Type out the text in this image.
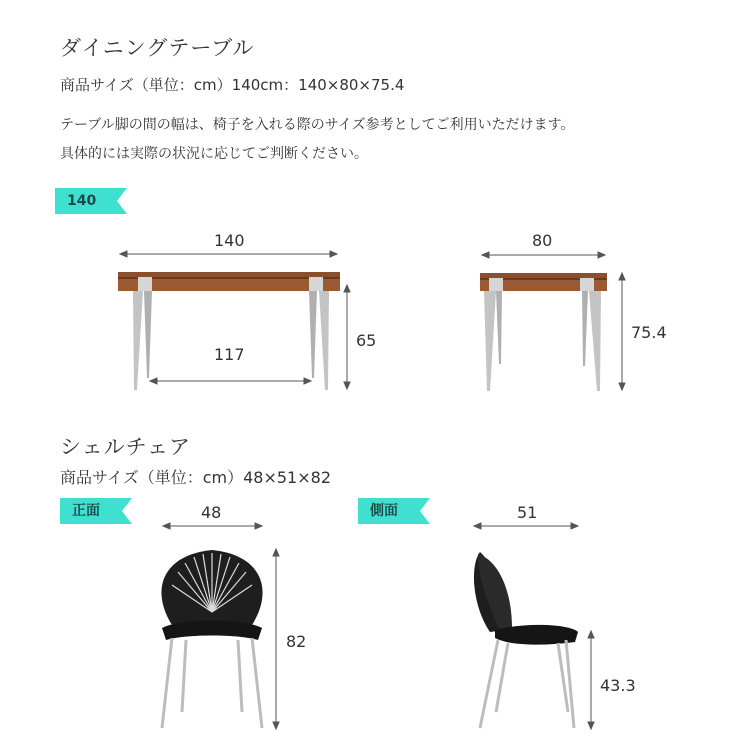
ダイニングテーブル
商品サイズ（単位：cm）140cm：140×80×75.4
テーブル脚の間の幅は、椅子を入れる際のサイズ参考としてご利用いただけます。
具体的には実際の状況に応じてご判断ください。
140
140
117
65
80
75.4
シェルチェア
商品サイズ（単位：cm）48×51×82
正面	側面
48
82
51
43.3
